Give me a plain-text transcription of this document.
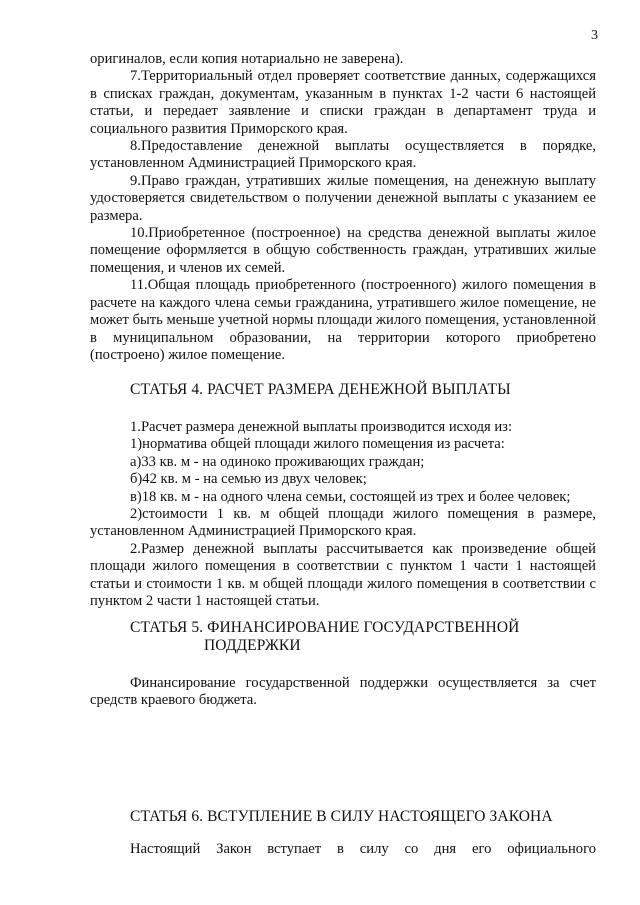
3

оригиналов, если копия нотариально не заверена).

7.Территориальный отдел проверяет соответствие данных, содержащихся в списках граждан, документам, указанным в пунктах 1-2 части 6 настоящей статьи, и передает заявление и списки граждан в департамент труда и социального развития Приморского края.

8.Предоставление денежной выплаты осуществляется в порядке, установленном Администрацией Приморского края.

9.Право граждан, утративших жилые помещения, на денежную выплату удостоверяется свидетельством о получении денежной выплаты с указанием ее размера.

10.Приобретенное (построенное) на средства денежной выплаты жилое помещение оформляется в общую собственность граждан, утративших жилые помещения, и членов их семей.

11.Общая площадь приобретенного (построенного) жилого помещения в расчете на каждого члена семьи гражданина, утратившего жилое помещение, не может быть меньше учетной нормы площади жилого помещения, установленной в муниципальном образовании, на территории которого приобретено (построено) жилое помещение.

СТАТЬЯ 4. РАСЧЕТ РАЗМЕРА ДЕНЕЖНОЙ ВЫПЛАТЫ

1.Расчет размера денежной выплаты производится исходя из:

1)норматива общей площади жилого помещения из расчета:

а)33 кв. м - на одиноко проживающих граждан;

б)42 кв. м - на семью из двух человек;

в)18 кв. м - на одного члена семьи, состоящей из трех и более человек;

2)стоимости 1 кв. м общей площади жилого помещения в размере, установленном Администрацией Приморского края.

2.Размер денежной выплаты рассчитывается как произведение общей площади жилого помещения в соответствии с пунктом 1 части 1 настоящей статьи и стоимости 1 кв. м общей площади жилого помещения в соответствии с пунктом 2 части 1 настоящей статьи.

СТАТЬЯ 5. ФИНАНСИРОВАНИЕ ГОСУДАРСТВЕННОЙ
ПОДДЕРЖКИ

Финансирование государственной поддержки осуществляется за счет средств краевого бюджета.

СТАТЬЯ 6. ВСТУПЛЕНИЕ В СИЛУ НАСТОЯЩЕГО ЗАКОНА

Настоящий Закон вступает в силу со дня его официального
